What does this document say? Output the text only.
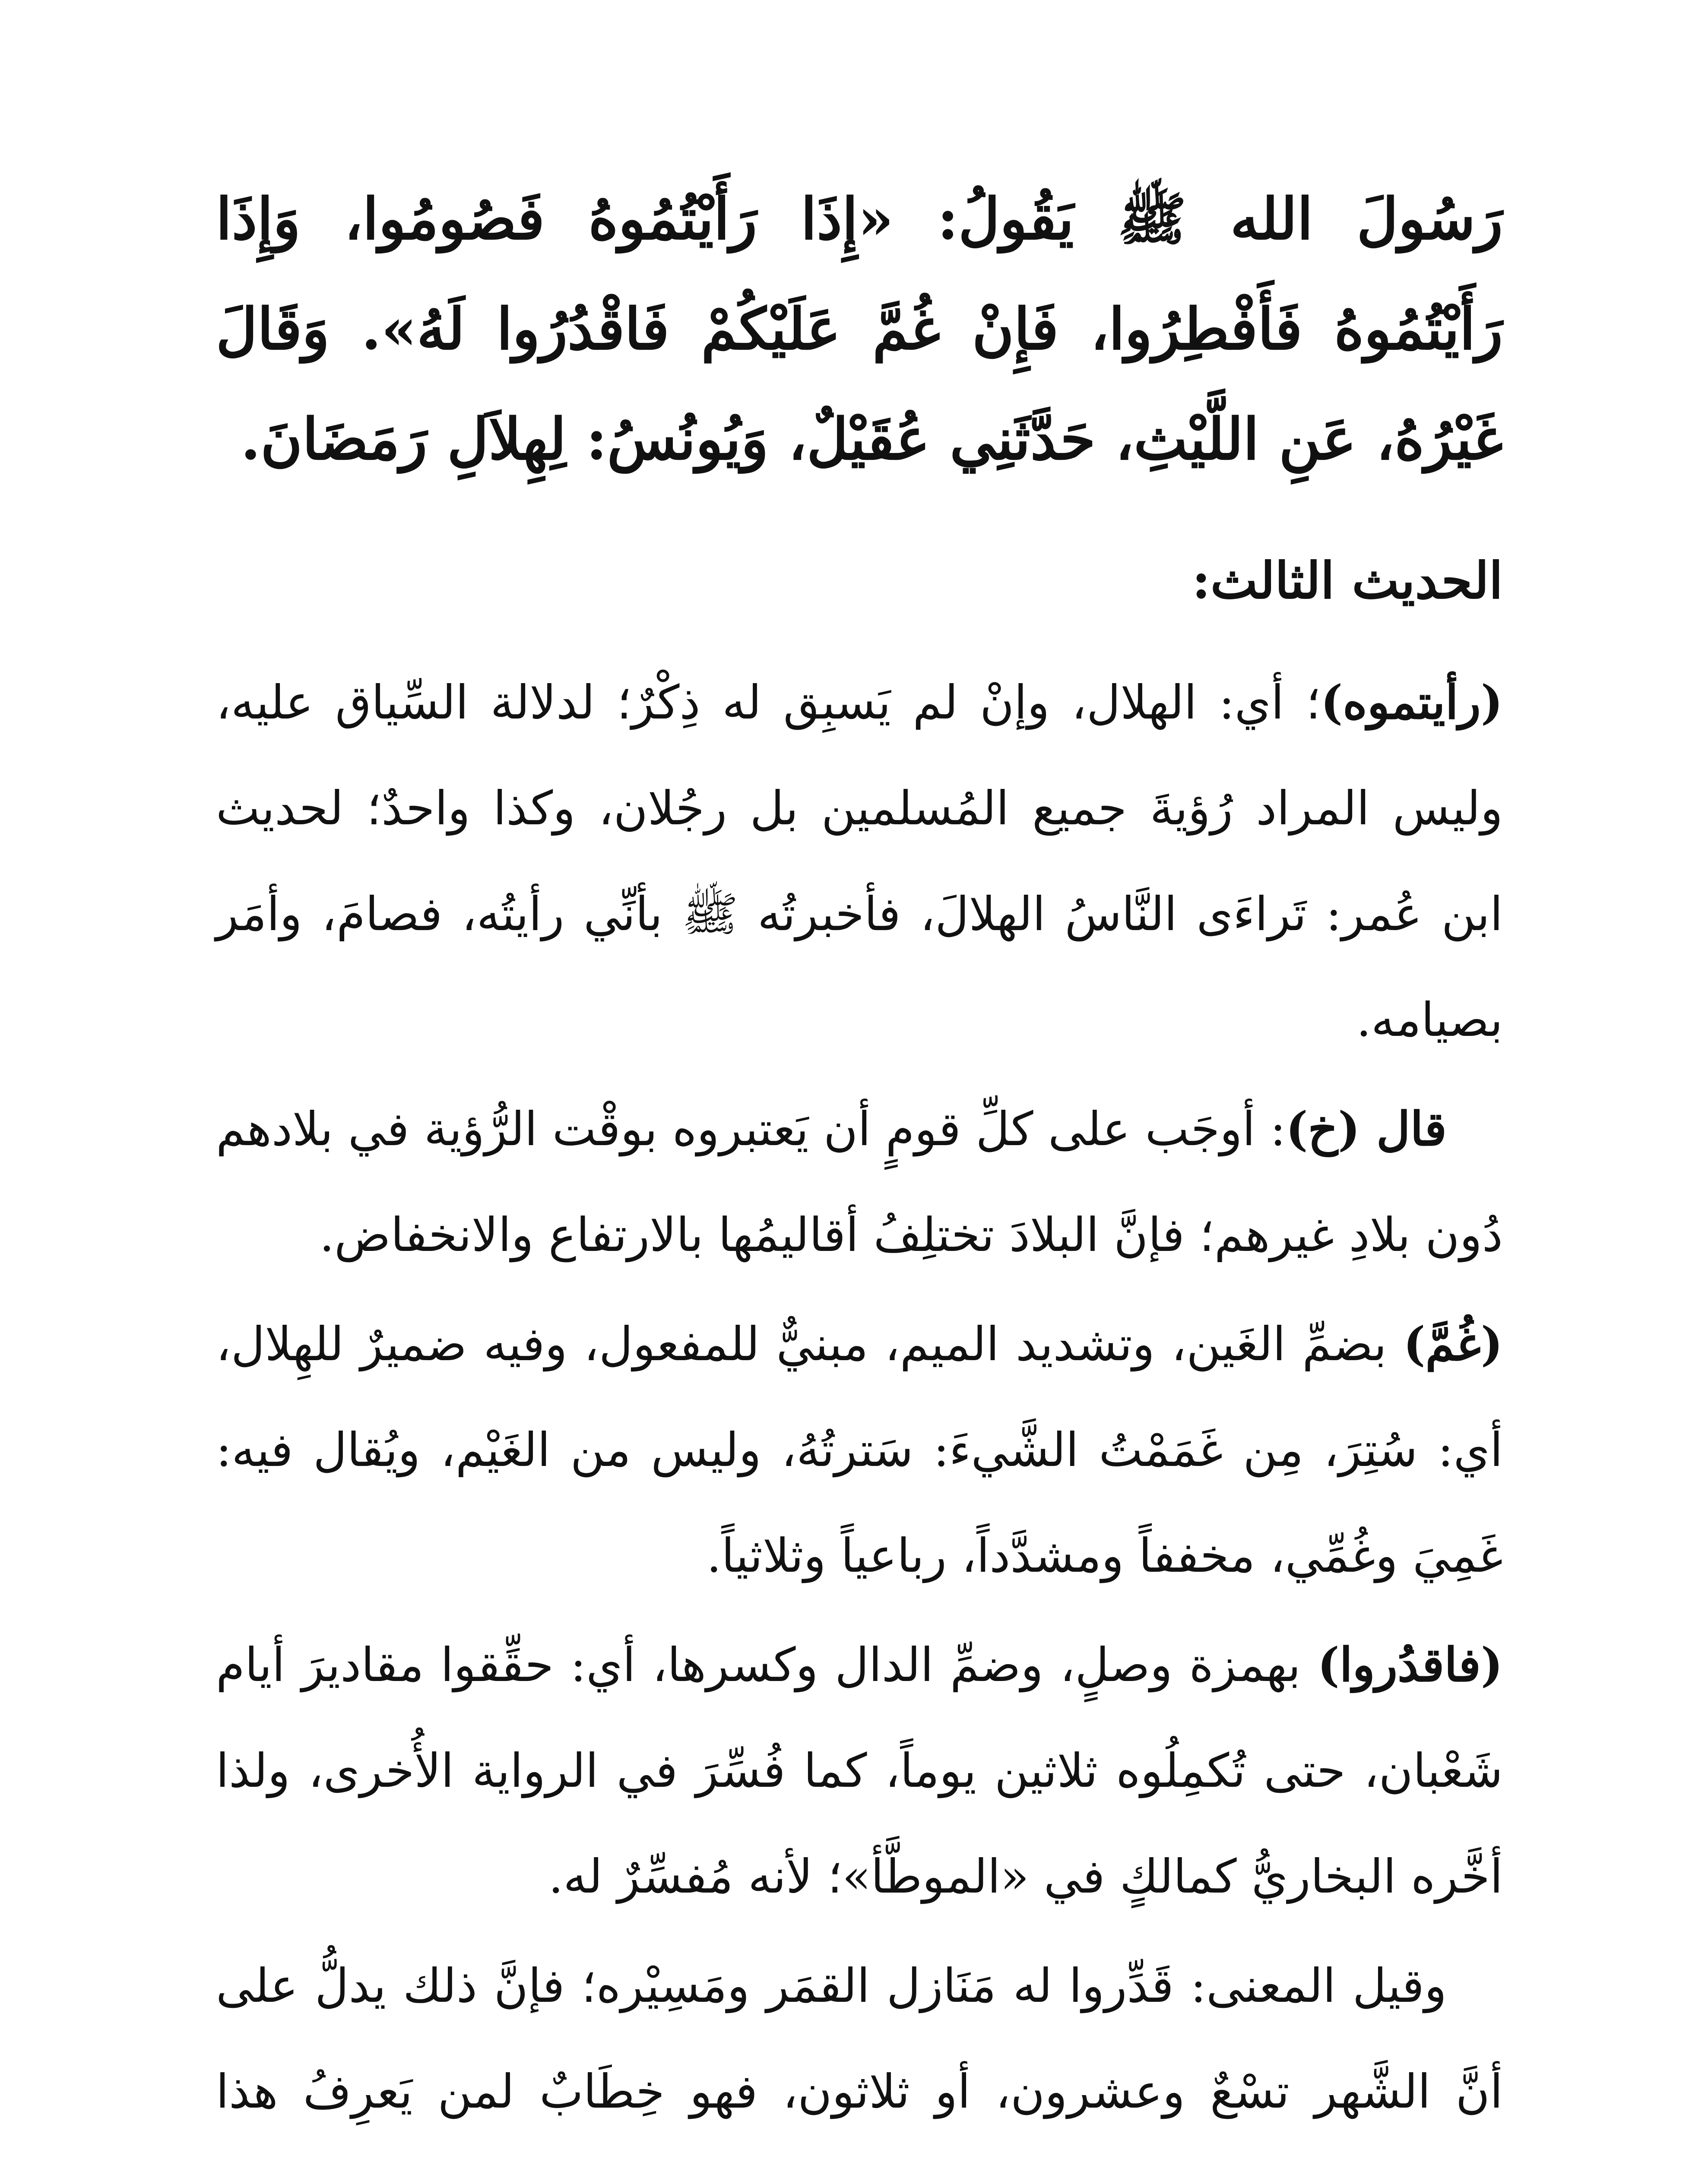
رَسُولَ الله ﷺ يَقُولُ: «إِذَا رَأَيْتُمُوهُ فَصُومُوا، وَإِذَا رَأَيْتُمُوهُ فَأَفْطِرُوا، فَإِنْ غُمَّ عَلَيْكُمْ فَاقْدُرُوا لَهُ». وَقَالَ غَيْرُهُ، عَنِ اللَّيْثِ، حَدَّثَنِي عُقَيْلٌ، وَيُونُسُ: لِهِلاَلِ رَمَضَانَ.

الحديث الثالث:

(رأيتموه)؛ أي: الهلال، وإنْ لم يَسبِق له ذِكْرٌ؛ لدلالة السِّياق عليه، وليس المراد رُؤيةَ جميع المُسلمين بل رجُلان، وكذا واحدٌ؛ لحديث ابن عُمر: تَراءَى النَّاسُ الهلالَ، فأخبرتُه ﷺ بأنِّي رأيتُه، فصامَ، وأمَر بصيامه.

قال (خ): أوجَب على كلِّ قومٍ أن يَعتبروه بوقْت الرُّؤية في بلادهم دُون بلادِ غيرهم؛ فإنَّ البلادَ تختلِفُ أقاليمُها بالارتفاع والانخفاض.

(غُمَّ) بضمِّ الغَين، وتشديد الميم، مبنيٌّ للمفعول، وفيه ضميرٌ للهِلال، أي: سُتِرَ، مِن غَمَمْتُ الشَّيءَ: سَترتُهُ، وليس من الغَيْم، ويُقال فيه: غَمِيَ وغُمِّي، مخففاً ومشدَّداً، رباعياً وثلاثياً.

(فاقدُروا) بهمزة وصلٍ، وضمِّ الدال وكسرها، أي: حقِّقوا مقاديرَ أيام شَعْبان، حتى تُكمِلُوه ثلاثين يوماً، كما فُسِّرَ في الرواية الأُخرى، ولذا أخَّره البخاريُّ كمالكٍ في «الموطَّأ»؛ لأنه مُفسِّرٌ له.

وقيل المعنى: قَدِّروا له مَنَازل القمَر ومَسِيْره؛ فإنَّ ذلك يدلُّ على أنَّ الشَّهر تسْعٌ وعشرون، أو ثلاثون، فهو خِطَابٌ لمن يَعرِفُ هذا
